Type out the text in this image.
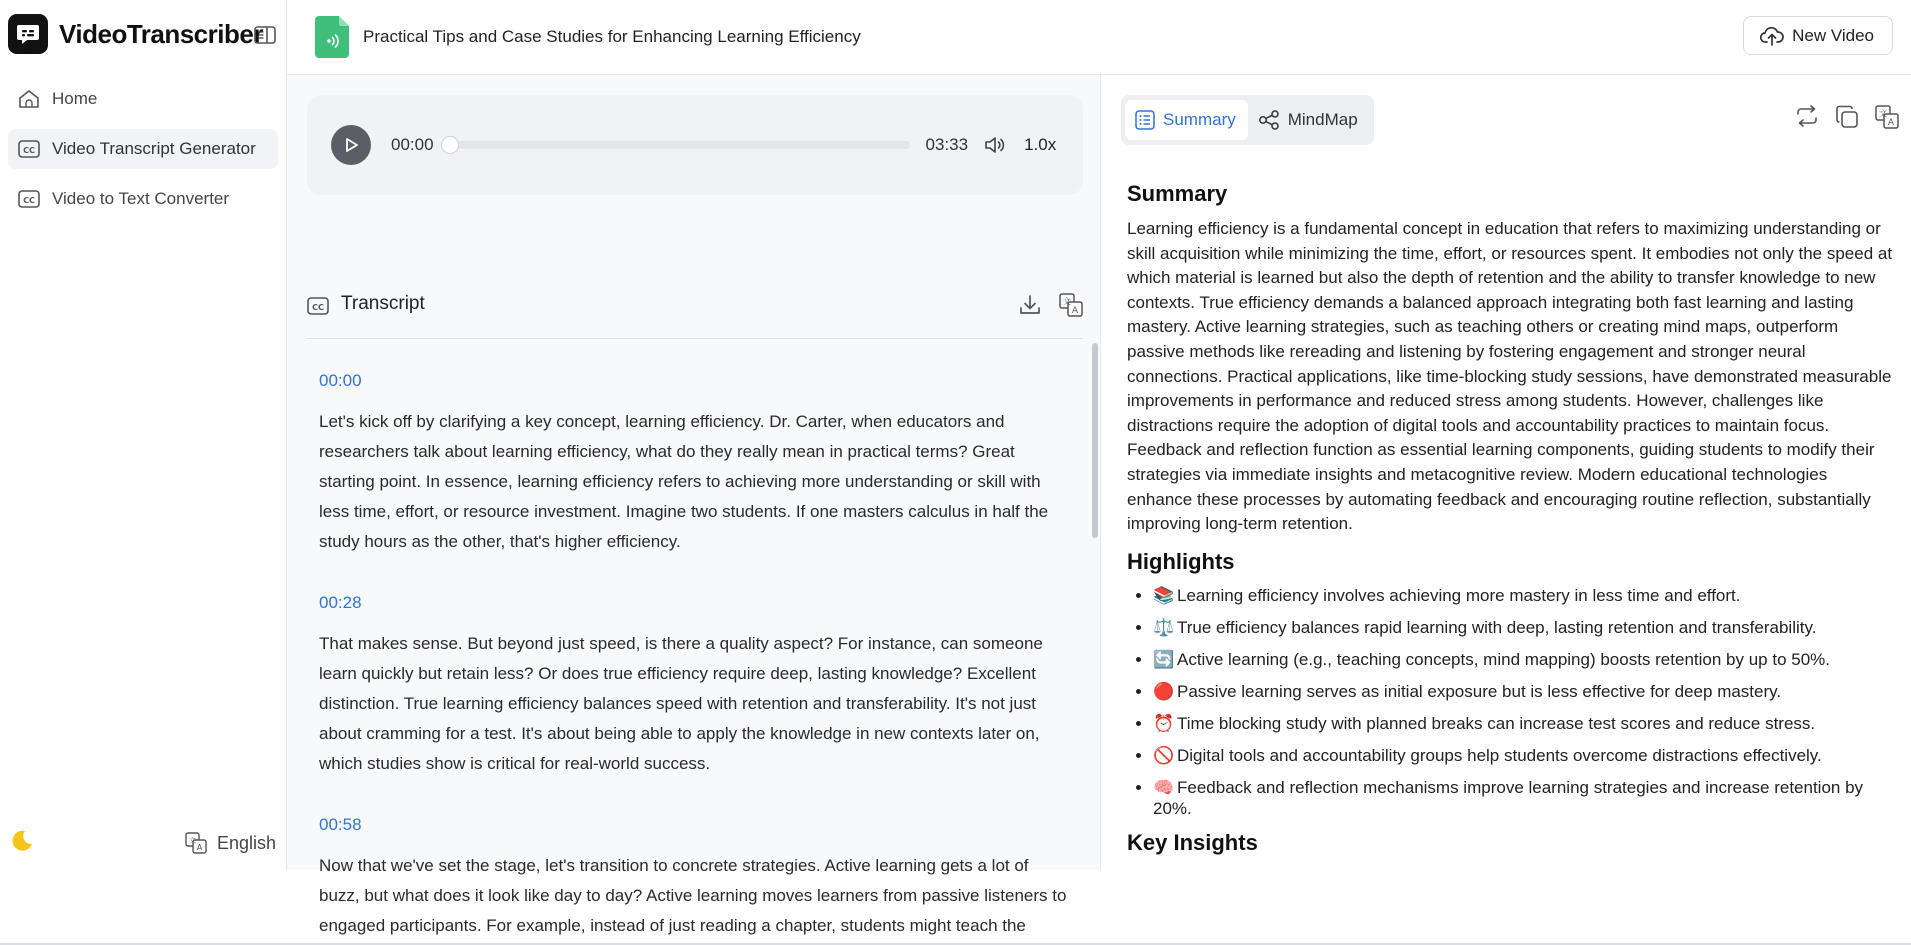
VideoTranscriber
Home
CC Video Transcript Generator
CC Video to Text Converter
文
A English
Practical Tips and Case Studies for Enhancing Learning Efficiency	New Video
00:00	03:33	1.0x
CC Transcript	文
A
00:00

Let's kick off by clarifying a key concept, learning efficiency. Dr. Carter, when educators and researchers talk about learning efficiency, what do they really mean in practical terms? Great starting point. In essence, learning efficiency refers to achieving more understanding or skill with less time, effort, or resource investment. Imagine two students. If one masters calculus in half the study hours as the other, that's higher efficiency.

00:28

That makes sense. But beyond just speed, is there a quality aspect? For instance, can someone learn quickly but retain less? Or does true efficiency require deep, lasting knowledge? Excellent distinction. True learning efficiency balances speed with retention and transferability. It's not just about cramming for a test. It's about being able to apply the knowledge in new contexts later on, which studies show is critical for real-world success.

00:58

Now that we've set the stage, let's transition to concrete strategies. Active learning gets a lot of buzz, but what does it look like day to day? Active learning moves learners from passive listeners to engaged participants. For example, instead of just reading a chapter, students might teach the

Summary	MindMap	文
A
Summary

Learning efficiency is a fundamental concept in education that refers to maximizing understanding or skill acquisition while minimizing the time, effort, or resources spent. It embodies not only the speed at which material is learned but also the depth of retention and the ability to transfer knowledge to new contexts. True efficiency demands a balanced approach integrating both fast learning and lasting mastery. Active learning strategies, such as teaching others or creating mind maps, outperform passive methods like rereading and listening by fostering engagement and stronger neural connections. Practical applications, like time-blocking study sessions, have demonstrated measurable improvements in performance and reduced stress among students. However, challenges like distractions require the adoption of digital tools and accountability practices to maintain focus. Feedback and reflection function as essential learning components, guiding students to modify their strategies via immediate insights and metacognitive review. Modern educational technologies enhance these processes by automating feedback and encouraging routine reflection, substantially improving long-term retention.

Highlights
• 📚 Learning efficiency involves achieving more mastery in less time and effort.
• ⚖️ True efficiency balances rapid learning with deep, lasting retention and transferability.
• 🔄 Active learning (e.g., teaching concepts, mind mapping) boosts retention by up to 50%.
• 🔴 Passive learning serves as initial exposure but is less effective for deep mastery.
• ⏰ Time blocking study with planned breaks can increase test scores and reduce stress.
• 🚫 Digital tools and accountability groups help students overcome distractions effectively.
• 🧠 Feedback and reflection mechanisms improve learning strategies and increase retention by 20%.
Key Insights
